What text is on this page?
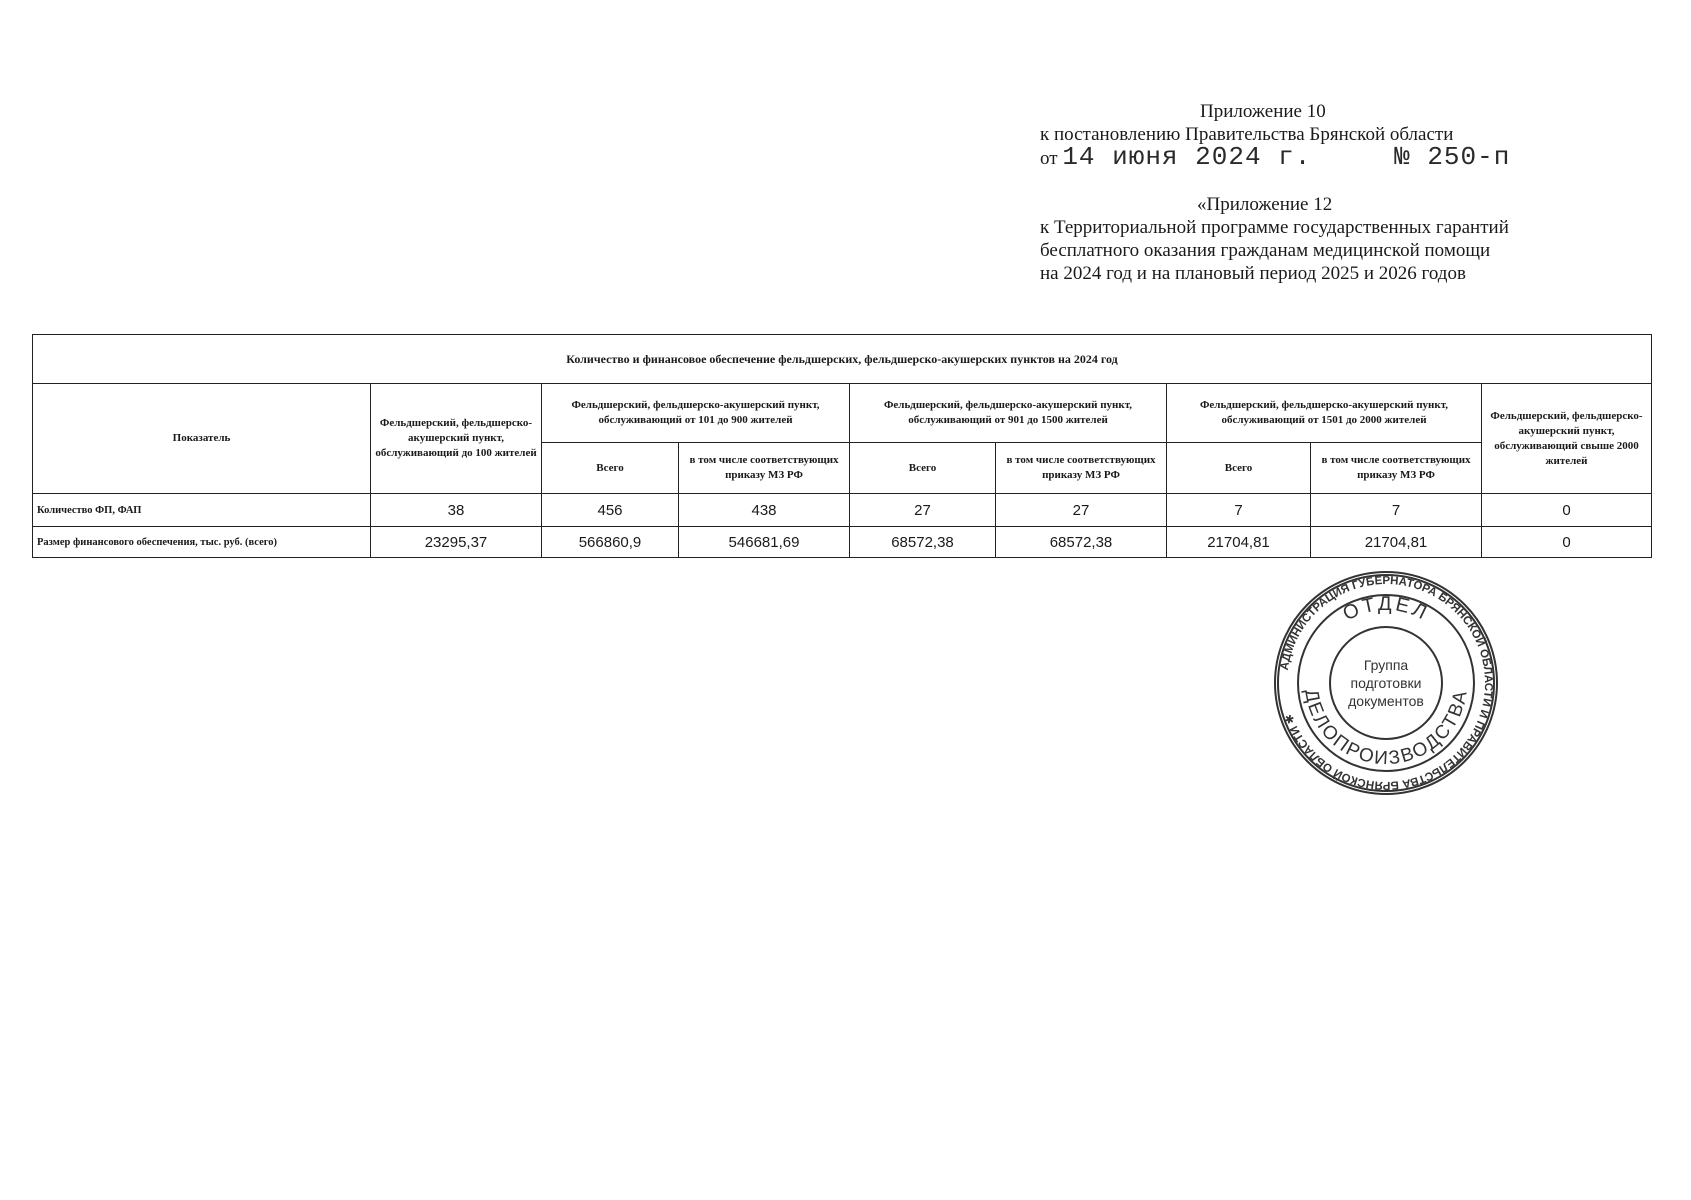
Приложение 10
к постановлению Правительства Брянской области
от 14 июня 2024 г.	№ 250-п
«Приложение 12
к Территориальной программе государственных гарантий
бесплатного оказания гражданам медицинской помощи
на 2024 год и на плановый период 2025 и 2026 годов
Количество и финансовое обеспечение фельдшерских, фельдшерско-акушерских пунктов на 2024 год								
Показатель	Фельдшерский, фельдшерско-акушерский пункт, обслуживающий до 100 жителей	Фельдшерский, фельдшерско-акушерский пункт, обслуживающий от 101 до 900 жителей		Фельдшерский, фельдшерско-акушерский пункт, обслуживающий от 901 до 1500 жителей		Фельдшерский, фельдшерско-акушерский пункт, обслуживающий от 1501 до 2000 жителей		Фельдшерский, фельдшерско-акушерский пункт, обслуживающий свыше 2000 жителей
		Всего	в том числе соответствующих приказу МЗ РФ	Всего	в том числе соответствующих приказу МЗ РФ	Всего	в том числе соответствующих приказу МЗ РФ	
Количество ФП, ФАП	38	456	438	27	27	7	7	0
Размер финансового обеспечения, тыс. руб. (всего)	23295,37	566860,9	546681,69	68572,38	68572,38	21704,81	21704,81	0
АДМИНИСТРАЦИЯ ГУБЕРНАТОРА БРЯНСКОЙ ОБЛАСТИ И ПРАВИТЕЛЬСТВА БРЯНСКОЙ ОБЛАСТИ ✱
ОТДЕЛ
ДЕЛОПРОИЗВОДСТВА
Группа
подготовки
документов
